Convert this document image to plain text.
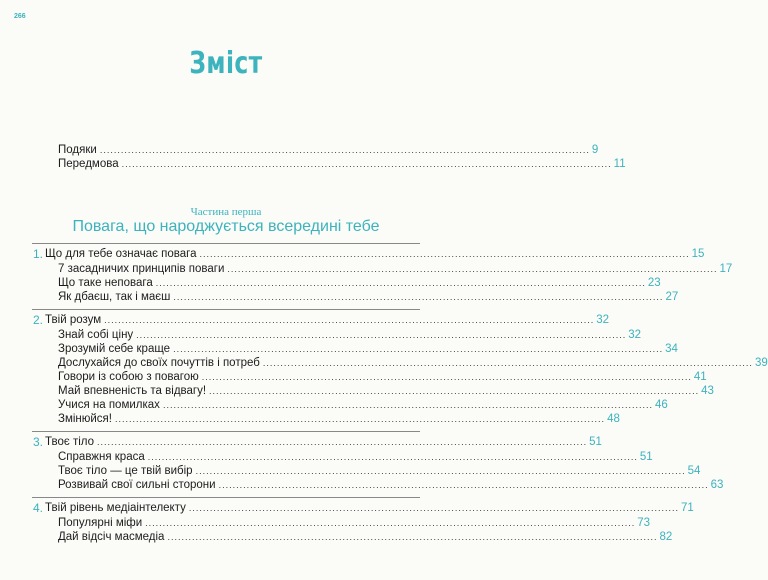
266
Зміст
Подяки ............................................................................................................................................ 9
Передмова ............................................................................................................................................ 11
Частина перша
Повага, що народжується всередині тебе
1. Що для тебе означає повага ............................................................................................................................................ 15
7 засадничих принципів поваги ............................................................................................................................................ 17
Що таке неповага ............................................................................................................................................ 23
Як дбаєш, так і маєш ............................................................................................................................................ 27
2. Твій розум ............................................................................................................................................ 32
Знай собі ціну ............................................................................................................................................ 32
Зрозумій себе краще ............................................................................................................................................ 34
Дослухайся до своїх почуттів і потреб ............................................................................................................................................ 39
Говори із собою з повагою ............................................................................................................................................ 41
Май впевненість та відвагу! ............................................................................................................................................ 43
Учися на помилках ............................................................................................................................................ 46
Змінюйся! ............................................................................................................................................ 48
3. Твоє тіло ............................................................................................................................................ 51
Справжня краса ............................................................................................................................................ 51
Твоє тіло — це твій вибір ............................................................................................................................................ 54
Розвивай свої сильні сторони ............................................................................................................................................ 63
4. Твій рівень медіаінтелекту ............................................................................................................................................ 71
Популярні міфи ............................................................................................................................................ 73
Дай відсіч масмедіа ............................................................................................................................................ 82
